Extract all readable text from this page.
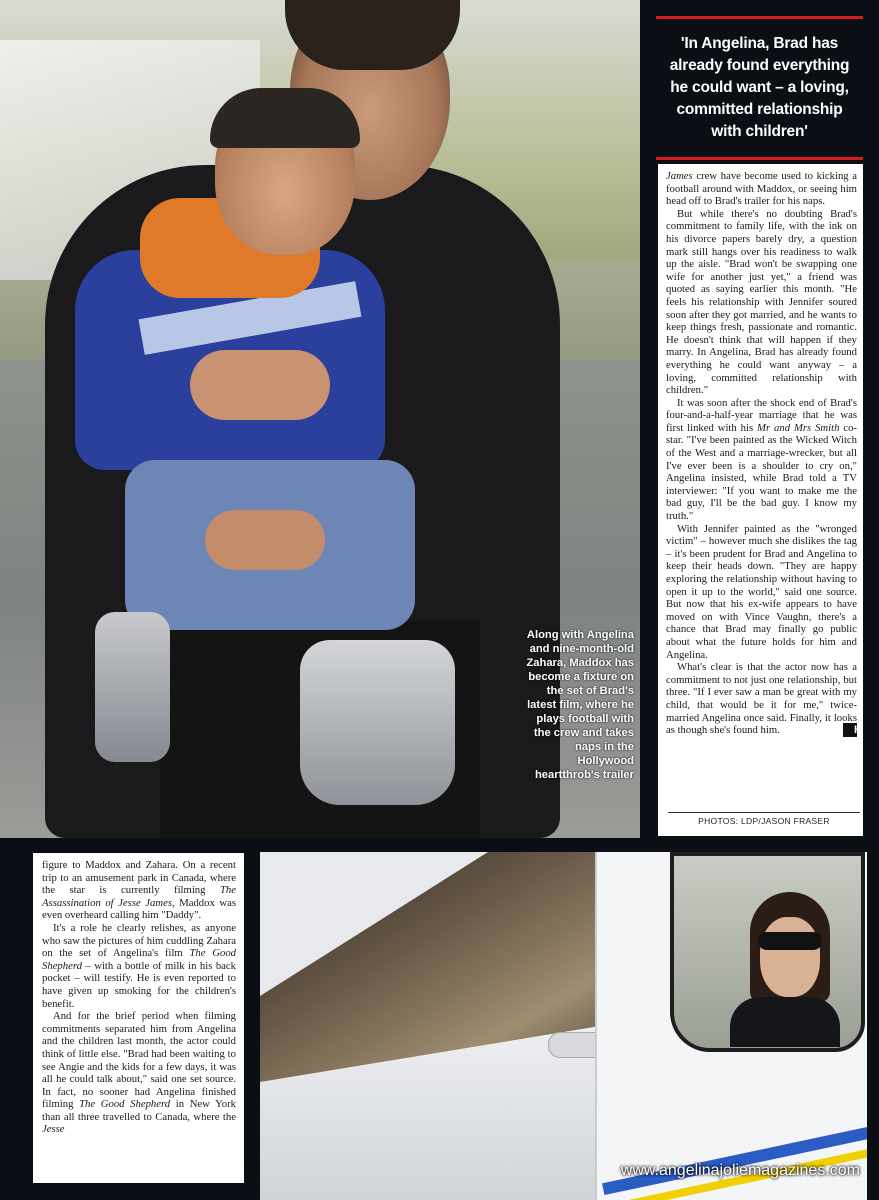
Along with Angelina and nine-month-old Zahara, Maddox has become a fixture on the set of Brad's latest film, where he plays football with the crew and takes naps in the Hollywood heartthrob's trailer
'In Angelina, Brad has already found everything he could want – a loving, committed relationship with children'

James crew have become used to kicking a football around with Maddox, or seeing him head off to Brad's trailer for his naps.

But while there's no doubting Brad's commitment to family life, with the ink on his divorce papers barely dry, a question mark still hangs over his readiness to walk up the aisle. "Brad won't be swapping one wife for another just yet," a friend was quoted as saying earlier this month. "He feels his relationship with Jennifer soured soon after they got married, and he wants to keep things fresh, passionate and romantic. He doesn't think that will happen if they marry. In Angelina, Brad has already found everything he could want anyway – a loving, committed relationship with children."

It was soon after the shock end of Brad's four-and-a-half-year marriage that he was first linked with his Mr and Mrs Smith co-star. "I've been painted as the Wicked Witch of the West and a marriage-wrecker, but all I've ever been is a shoulder to cry on," Angelina insisted, while Brad told a TV interviewer: "If you want to make me the bad guy, I'll be the bad guy. I know my truth."

With Jennifer painted as the "wronged victim" – however much she dislikes the tag – it's been prudent for Brad and Angelina to keep their heads down. "They are happy exploring the relationship without having to open it up to the world," said one source. But now that his ex-wife appears to have moved on with Vince Vaughn, there's a chance that Brad may finally go public about what the future holds for him and Angelina.

What's clear is that the actor now has a commitment to not just one relationship, but three. "If I ever saw a man be great with my child, that would be it for me," twice-married Angelina once said. Finally, it looks as though she's found him.	H

PHOTOS: LDP/JASON FRASER

figure to Maddox and Zahara. On a recent trip to an amusement park in Canada, where the star is currently filming The Assassination of Jesse James, Maddox was even overheard calling him "Daddy".

It's a role he clearly relishes, as anyone who saw the pictures of him cuddling Zahara on the set of Angelina's film The Good Shepherd – with a bottle of milk in his back pocket – will testify. He is even reported to have given up smoking for the children's benefit.

And for the brief period when filming commitments separated him from Angelina and the children last month, the actor could think of little else. "Brad had been waiting to see Angie and the kids for a few days, it was all he could talk about," said one set source. In fact, no sooner had Angelina finished filming The Good Shepherd in New York than all three travelled to Canada, where the Jesse

www.angelinajoliemagazines.com
